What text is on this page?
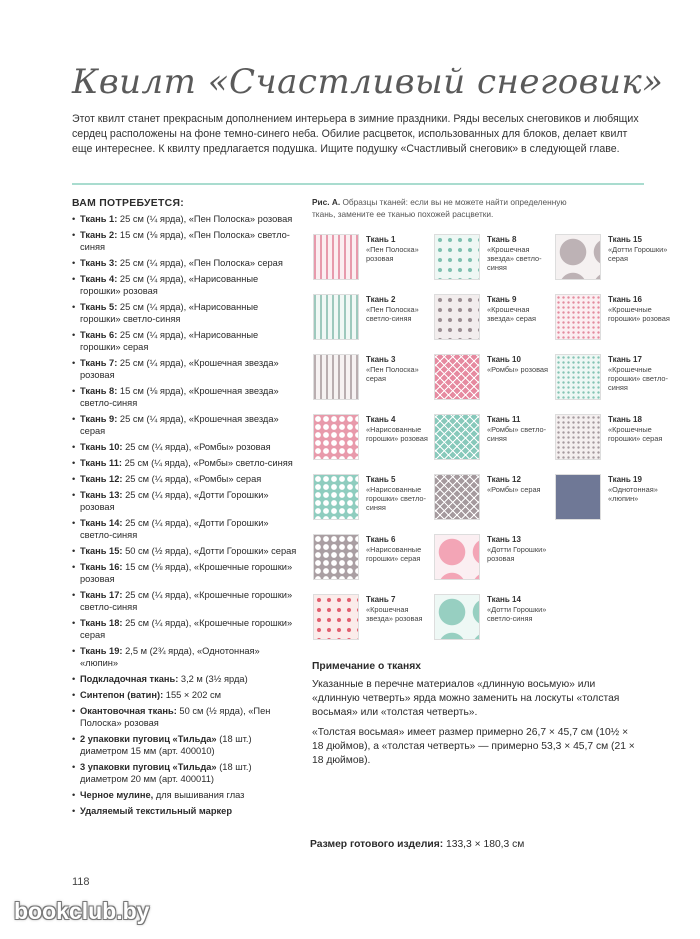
Квилт «Счастливый снеговик»
Этот квилт станет прекрасным дополнением интерьера в зимние праздники. Ряды веселых снеговиков и любящих сердец расположены на фоне темно-синего неба. Обилие расцветок, использованных для блоков, делает квилт еще интереснее. К квилту предлагается подушка. Ищите подушку «Счастливый снеговик» в следующей главе.
ВАМ ПОТРЕБУЕТСЯ:
• Ткань 1: 25 см (¼ ярда), «Пен Полоска» розовая
• Ткань 2: 15 см (⅛ ярда), «Пен Полоска» светло-синяя
• Ткань 3: 25 см (¼ ярда), «Пен Полоска» серая
• Ткань 4: 25 см (¼ ярда), «Нарисованные горошки» розовая
• Ткань 5: 25 см (¼ ярда), «Нарисованные горошки» светло-синяя
• Ткань 6: 25 см (¼ ярда), «Нарисованные горошки» серая
• Ткань 7: 25 см (¼ ярда), «Крошечная звезда» розовая
• Ткань 8: 15 см (⅛ ярда), «Крошечная звезда» светло-синяя
• Ткань 9: 25 см (¼ ярда), «Крошечная звезда» серая
• Ткань 10: 25 см (¼ ярда), «Ромбы» розовая
• Ткань 11: 25 см (¼ ярда), «Ромбы» светло-синяя
• Ткань 12: 25 см (¼ ярда), «Ромбы» серая
• Ткань 13: 25 см (¼ ярда), «Дотти Горошки» розовая
• Ткань 14: 25 см (¼ ярда), «Дотти Горошки» светло-синяя
• Ткань 15: 50 см (½ ярда), «Дотти Горошки» серая
• Ткань 16: 15 см (⅛ ярда), «Крошечные горошки» розовая
• Ткань 17: 25 см (¼ ярда), «Крошечные горошки» светло-синяя
• Ткань 18: 25 см (¼ ярда), «Крошечные горошки» серая
• Ткань 19: 2,5 м (2¾ ярда), «Однотонная» «люпин»
• Подкладочная ткань: 3,2 м (3½ ярда)
• Синтепон (ватин): 155 × 202 см
• Окантовочная ткань: 50 см (½ ярда), «Пен Полоска» розовая
• 2 упаковки пуговиц «Тильда» (18 шт.) диаметром 15 мм (арт. 400010)
• 3 упаковки пуговиц «Тильда» (18 шт.) диаметром 20 мм (арт. 400011)
• Черное мулине, для вышивания глаз
• Удаляемый текстильный маркер
Рис. А. Образцы тканей: если вы не можете найти определенную ткань, замените ее тканью похожей расцветки.
Ткань 1
«Пен Полоска» розовая
Ткань 2
«Пен Полоска» светло-синяя
Ткань 3
«Пен Полоска» серая
Ткань 4
«Нарисованные горошки» розовая
Ткань 5
«Нарисованные горошки» светло-синяя
Ткань 6
«Нарисованные горошки» серая
Ткань 7
«Крошечная звезда» розовая
Ткань 8
«Крошечная звезда» светло-синяя
Ткань 9
«Крошечная звезда» серая
Ткань 10
«Ромбы» розовая
Ткань 11
«Ромбы» светло-синяя
Ткань 12
«Ромбы» серая
Ткань 13
«Дотти Горошки» розовая
Ткань 14
«Дотти Горошки» светло-синяя
Ткань 15
«Дотти Горошки» серая
Ткань 16
«Крошечные горошки» розовая
Ткань 17
«Крошечные горошки» светло-синяя
Ткань 18
«Крошечные горошки» серая
Ткань 19
«Однотонная» «люпин»
Примечание о тканях

Указанные в перечне материалов «длинную восьмую» или «длинную четверть» ярда можно заменить на лоскуты «толстая восьмая» или «толстая четверть».

«Толстая восьмая» имеет размер примерно 26,7 × 45,7 см (10½ × 18 дюймов), а «толстая четверть» — примерно 53,3 × 45,7 см (21 × 18 дюймов).

Размер готового изделия: 133,3 × 180,3 см
118
bookclub.by
